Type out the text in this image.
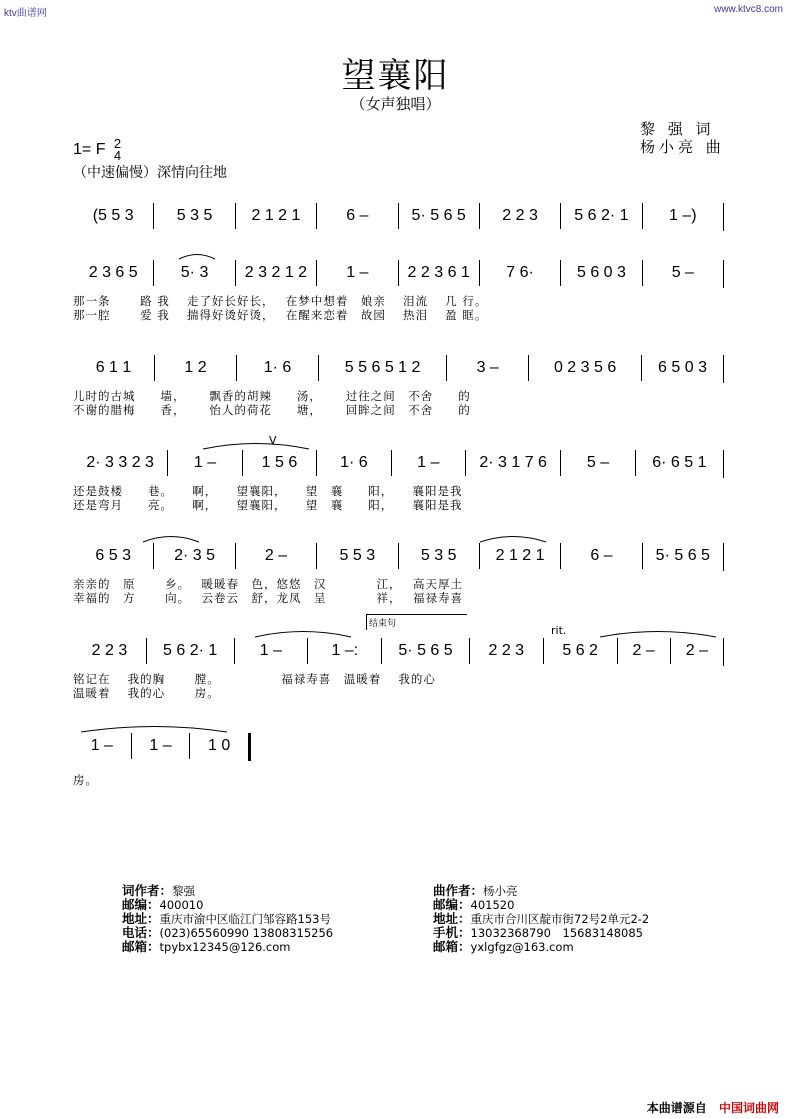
ktv曲谱网	www.ktvc8.com
望襄阳
（女声独唱）
黎 强 词
杨小亮 曲
1= F 2
4
（中速偏慢）深情向往地
(5 5 3	5 3 5	2 1 2 1	6 –	5· 5 6 5	2 2 3	5 6 2· 1	1 –)
2 3 6 5	5· 3	2 3 2 1 2	1 –	2 2 3 6 1	7 6·	5 6 0 3	5 –
那一条　　 路 我　 走了好长好长，　 在梦中想着　娘亲　 泪流　 几 行。
那一腔　　 爱 我　 揣得好烫好烫，　 在醒来恋着　故园　 热泪　 盈 眶。
6 1 1	1 2	1· 6	5 5 6 5 1 2	3 –	0 2 3 5 6	6 5 0 3
儿时的古城　　墙，　　 飘香的胡辣　　汤，　　 过往之间　不舍　　的
不谢的腊梅　　香，　　 怡人的荷花　　塘，　　 回眸之间　不舍　　的
V
2· 3 3 2 3	1 –	1 5 6	1· 6	1 –	2· 3 1 7 6	5 –	6· 6 5 1
还是鼓楼　　巷。　　啊，　　望襄阳，　　望　襄　　阳，　　襄阳是我
还是弯月　　亮。　　啊，　　望襄阳，　　望　襄　　阳，　　襄阳是我
6 5 3	2· 3 5	2 –	5 5 3	5 3 5	2 1 2 1	6 –	5· 5 6 5
亲亲的　原　　 乡。　 暖暖春　色，悠悠　汉　　　　江，　 高天厚土
幸福的　方　　 向。　 云卷云　舒，龙凤　呈　　　　祥，　 福禄寿喜
结束句	rit.
2 2 3	5 6 2· 1	1 –	1 –:	5· 5 6 5	2 2 3	5 6 2	2 –	2 –
铭记在　 我的胸　　 膛。　　　　　 福禄寿喜　温暖着　 我的心
温暖着　 我的心　　 房。
1 –	1 –	1 0
房。
词作者：黎强
邮编：400010
地址：重庆市渝中区临江门邹容路153号
电话：(023)65560990 13808315256
邮箱：tpybx12345@126.com
曲作者：杨小亮
邮编：401520
地址：重庆市合川区靛市街72号2单元2-2
手机：13032368790　15683148085
邮箱：yxlgfgz@163.com
本曲谱源自 中国词曲网
